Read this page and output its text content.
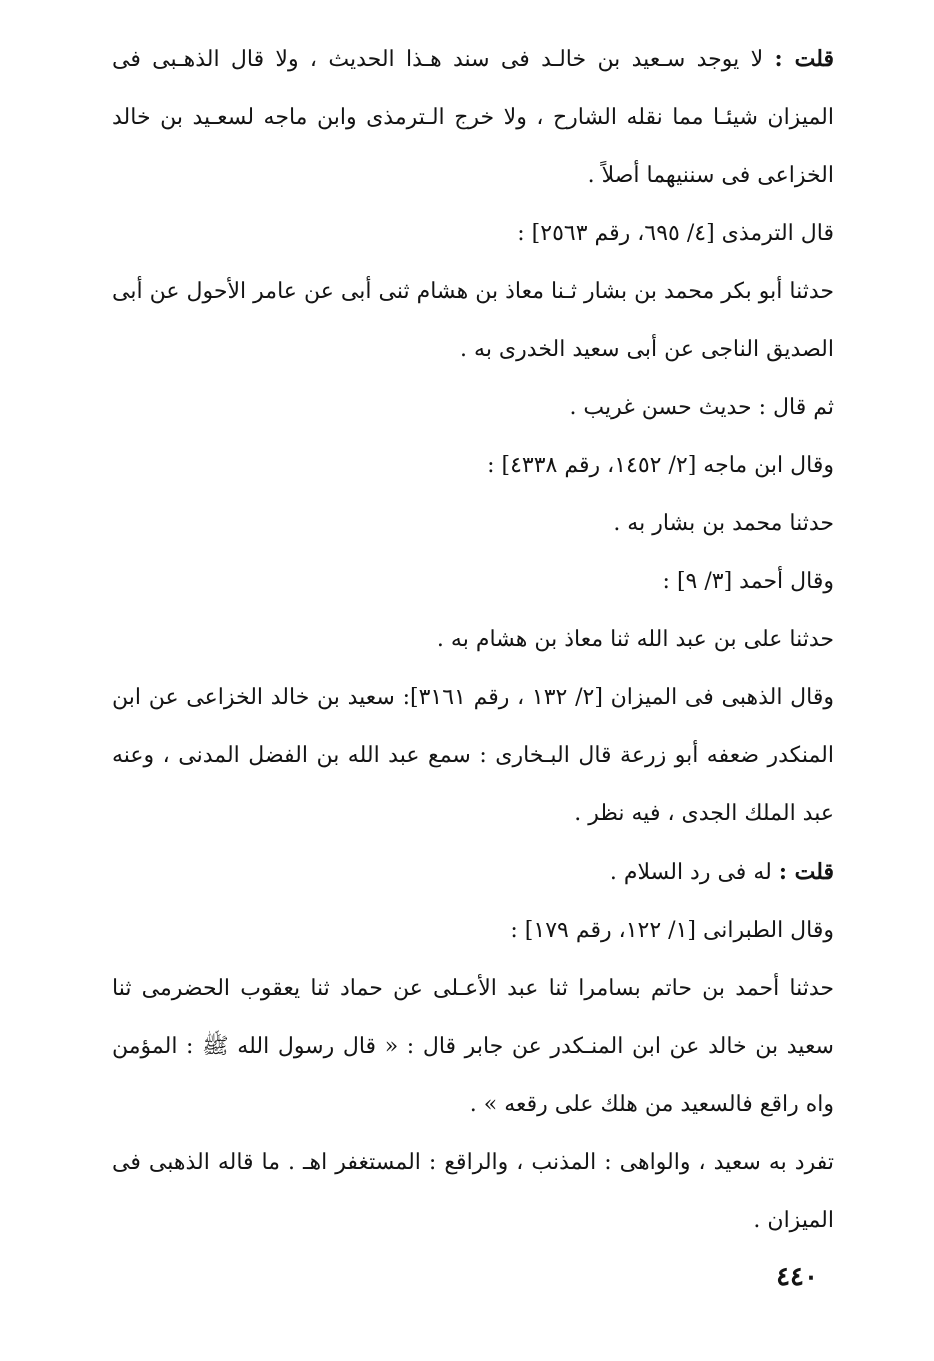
قلت : لا يوجد سـعيد بن خالـد فى سند هـذا الحديث ، ولا قال الذهـبى فى الميزان شيئـا مما نقله الشارح ، ولا خرج الـترمذى وابن ماجه لسعـيد بن خالد الخزاعى فى سننيهما أصلاً .

قال الترمذى [٤/ ٦٩٥، رقم ٢٥٦٣] :

حدثنا أبو بكر محمد بن بشار ثـنا معاذ بن هشام ثنى أبى عن عامر الأحول عن أبى الصديق الناجى عن أبى سعيد الخدرى به .

ثم قال : حديث حسن غريب .

وقال ابن ماجه [٢/ ١٤٥٢، رقم ٤٣٣٨] :

حدثنا محمد بن بشار به .

وقال أحمد [٣/ ٩] :

حدثنا على بن عبد الله ثنا معاذ بن هشام به .

وقال الذهبى فى الميزان [٢/ ١٣٢ ، رقم ٣١٦١]: سعيد بن خالد الخزاعى عن ابن المنكدر ضعفه أبو زرعة قال البـخارى : سمع عبد الله بن الفضل المدنى ، وعنه عبد الملك الجدى ، فيه نظر .

قلت : له فى رد السلام .

وقال الطبرانى [١/ ١٢٢، رقم ١٧٩] :

حدثنا أحمد بن حاتم بسامرا ثنا عبد الأعـلى عن حماد ثنا يعقوب الحضرمى ثنا سعيد بن خالد عن ابن المنـكدر عن جابر قال : « قال رسول الله ﷺ : المؤمن واه راقع فالسعيد من هلك على رقعه » .

تفرد به سعيد ، والواهى : المذنب ، والراقع : المستغفر اهـ . ما قاله الذهبى فى الميزان .

٤٤٠
